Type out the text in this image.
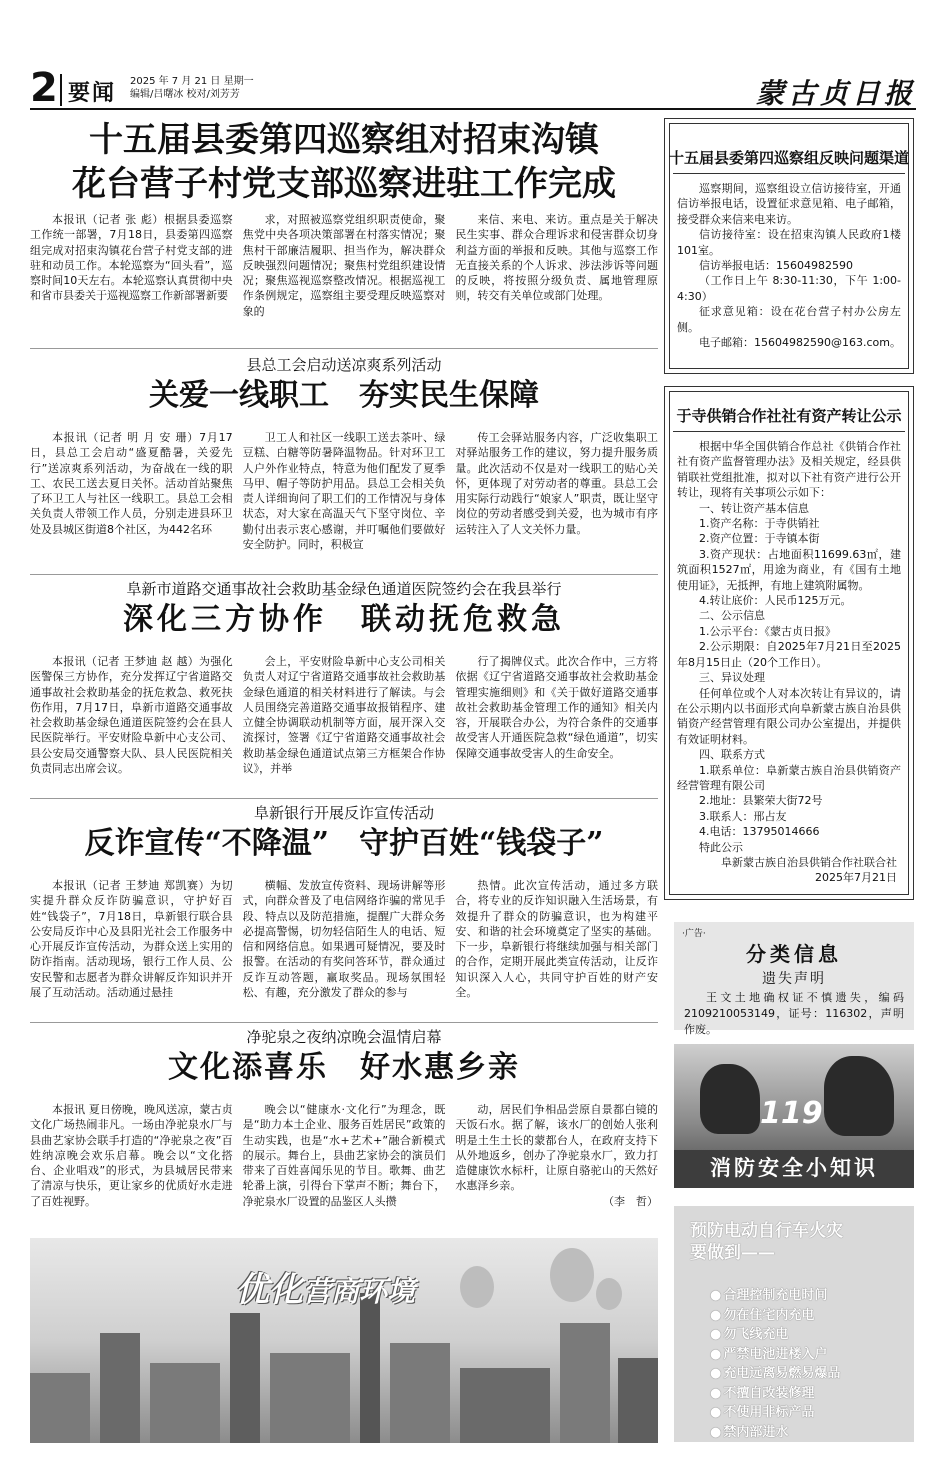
2 要闻 2025 年 7 月 21 日 星期一
编辑/吕曙冰 校对/刘芳芳	蒙古贞日报
十五届县委第四巡察组对招束沟镇
花台营子村党支部巡察进驻工作完成
本报讯（记者 张 彪）根据县委巡察工作统一部署，7月18日，县委第四巡察组完成对招束沟镇花台营子村党支部的进驻和动员工作。本轮巡察为“回头看”，巡察时间10天左右。本轮巡察认真贯彻中央和省市县委关于巡视巡察工作新部署新要
求，对照被巡察党组织职责使命，聚焦党中央各项决策部署在村落实情况；聚焦村干部廉洁履职、担当作为，解决群众反映强烈问题情况；聚焦村党组织建设情况；聚焦巡视巡察整改情况。根据巡视工作条例规定，巡察组主要受理反映巡察对象的
来信、来电、来访。重点是关于解决民生实事、群众合理诉求和侵害群众切身利益方面的举报和反映。其他与巡察工作无直接关系的个人诉求、涉法涉诉等问题的反映，将按照分级负责、属地管理原则，转交有关单位或部门处理。
县总工会启动送凉爽系列活动
关爱一线职工　夯实民生保障
本报讯（记者 明 月 安 珊）7月17日，县总工会启动“盛夏酷暑，关爱先行”送凉爽系列活动，为奋战在一线的职工、农民工送去夏日关怀。活动首站聚焦了环卫工人与社区一线职工。县总工会相关负责人带领工作人员，分别走进县环卫处及县城区街道8个社区，为442名环
卫工人和社区一线职工送去茶叶、绿豆糕、白糖等防暑降温物品。针对环卫工人户外作业特点，特意为他们配发了夏季马甲、帽子等防护用品。县总工会相关负责人详细询问了职工们的工作情况与身体状态，对大家在高温天气下坚守岗位、辛勤付出表示衷心感谢，并叮嘱他们要做好安全防护。同时，积极宣
传工会驿站服务内容，广泛收集职工对驿站服务工作的建议，努力提升服务质量。此次活动不仅是对一线职工的贴心关怀，更体现了对劳动者的尊重。县总工会用实际行动践行“娘家人”职责，既让坚守岗位的劳动者感受到关爱，也为城市有序运转注入了人文关怀力量。
阜新市道路交通事故社会救助基金绿色通道医院签约会在我县举行
深化三方协作　联动抚危救急
本报讯（记者 王梦迪 赵 越）为强化医警保三方协作，充分发挥辽宁省道路交通事故社会救助基金的抚危救急、救死扶伤作用，7月17日，阜新市道路交通事故社会救助基金绿色通道医院签约会在县人民医院举行。平安财险阜新中心支公司、县公安局交通警察大队、县人民医院相关负责同志出席会议。
会上，平安财险阜新中心支公司相关负责人对辽宁省道路交通事故社会救助基金绿色通道的相关材料进行了解读。与会人员围绕完善道路交通事故报销程序、建立健全协调联动机制等方面，展开深入交流探讨，签署《辽宁省道路交通事故社会救助基金绿色通道试点第三方框架合作协议》，并举
行了揭牌仪式。此次合作中，三方将依据《辽宁省道路交通事故社会救助基金管理实施细则》和《关于做好道路交通事故社会救助基金管理工作的通知》相关内容，开展联合办公，为符合条件的交通事故受害人开通医院急救“绿色通道”，切实保障交通事故受害人的生命安全。
阜新银行开展反诈宣传活动
反诈宣传“不降温”　守护百姓“钱袋子”
本报讯（记者 王梦迪 郑凯赛）为切实提升群众反诈防骗意识，守护好百姓“钱袋子”，7月18日，阜新银行联合县公安局反诈中心及县阳光社会工作服务中心开展反诈宣传活动，为群众送上实用的防诈指南。活动现场，银行工作人员、公安民警和志愿者为群众讲解反诈知识并开展了互动活动。活动通过悬挂
横幅、发放宣传资料、现场讲解等形式，向群众普及了电信网络诈骗的常见手段、特点以及防范措施，提醒广大群众务必提高警惕，切勿轻信陌生人的电话、短信和网络信息。如果遇可疑情况，要及时报警。在活动的有奖问答环节，群众通过反诈互动答题，赢取奖品。现场氛围轻松、有趣，充分激发了群众的参与
热情。此次宣传活动，通过多方联合，将专业的反诈知识融入生活场景，有效提升了群众的防骗意识，也为构建平安、和谐的社会环境奠定了坚实的基础。下一步，阜新银行将继续加强与相关部门的合作，定期开展此类宣传活动，让反诈知识深入人心，共同守护百姓的财产安全。
净驼泉之夜纳凉晚会温情启幕
文化添喜乐　好水惠乡亲
本报讯 夏日傍晚，晚风送凉，蒙古贞文化广场热闹非凡。一场由净驼泉水厂与县曲艺家协会联手打造的“净驼泉之夜”百姓纳凉晚会欢乐启幕。晚会以“文化搭台、企业唱戏”的形式，为县城居民带来了清凉与快乐，更让家乡的优质好水走进了百姓视野。
晚会以“健康水·文化行”为理念，既是“助力本土企业、服务百姓居民”政策的生动实践，也是“水+艺术+”融合新模式的展示。舞台上，县曲艺家协会的演员们带来了百姓喜闻乐见的节目。歌舞、曲艺轮番上演，引得台下掌声不断；舞台下，净驼泉水厂设置的品鉴区人头攒
动，居民们争相品尝原自景都白镜的天饭石水。据了解，该水厂的创始人张利明是土生土长的蒙都台人，在政府支持下从外地返乡，创办了净驼泉水厂，致力打造健康饮水标杆，让原自骆驼山的天然好水惠泽乡亲。
（李　哲）
优化营商环境
十五届县委第四巡察组反映问题渠道

巡察期间，巡察组设立信访接待室，开通信访举报电话，设置征求意见箱、电子邮箱，接受群众来信来电来访。

信访接待室：设在招束沟镇人民政府1楼101室。

信访举报电话：15604982590

（工作日上午 8:30-11:30，下午 1:00-4:30）

征求意见箱：设在花台营子村办公房左侧。

电子邮箱：15604982590@163.com。

于寺供销合作社社有资产转让公示

根据中华全国供销合作总社《供销合作社社有资产监督管理办法》及相关规定，经县供销联社党组批准，拟对以下社有资产进行公开转让，现将有关事项公示如下：

一、转让资产基本信息

1.资产名称：于寺供销社

2.资产位置：于寺镇本街

3.资产现状：占地面积11699.63㎡，建筑面积1527㎡，用途为商业，有《国有土地使用证》，无抵押，有地上建筑附属物。

4.转让底价：人民币125万元。

二、公示信息

1.公示平台：《蒙古贞日报》

2.公示期限：自2025年7月21日至2025年8月15日止（20个工作日）。

三、异议处理

任何单位或个人对本次转让有异议的，请在公示期内以书面形式向阜新蒙古族自治县供销资产经营管理有限公司办公室提出，并提供有效证明材料。

四、联系方式

1.联系单位：阜新蒙古族自治县供销资产经营管理有限公司

2.地址：县繁荣大街72号

3.联系人：邢占友

4.电话：13795014666

特此公示

阜新蒙古族自治县供销合作社联合社

2025年7月21日

·广告·
分类信息
遗失声明
王文土地确权证不慎遗失，编码2109210053149，证号：116302，声明作废。
119
消防安全小知识
预防电动自行车火灾
要做到——
● 合理控制充电时间
● 勿在住宅内充电
● 勿飞线充电
● 严禁电池进楼入户
● 充电远离易燃易爆品
● 不擅自改装修理
● 不使用非标产品
● 禁内部进水
